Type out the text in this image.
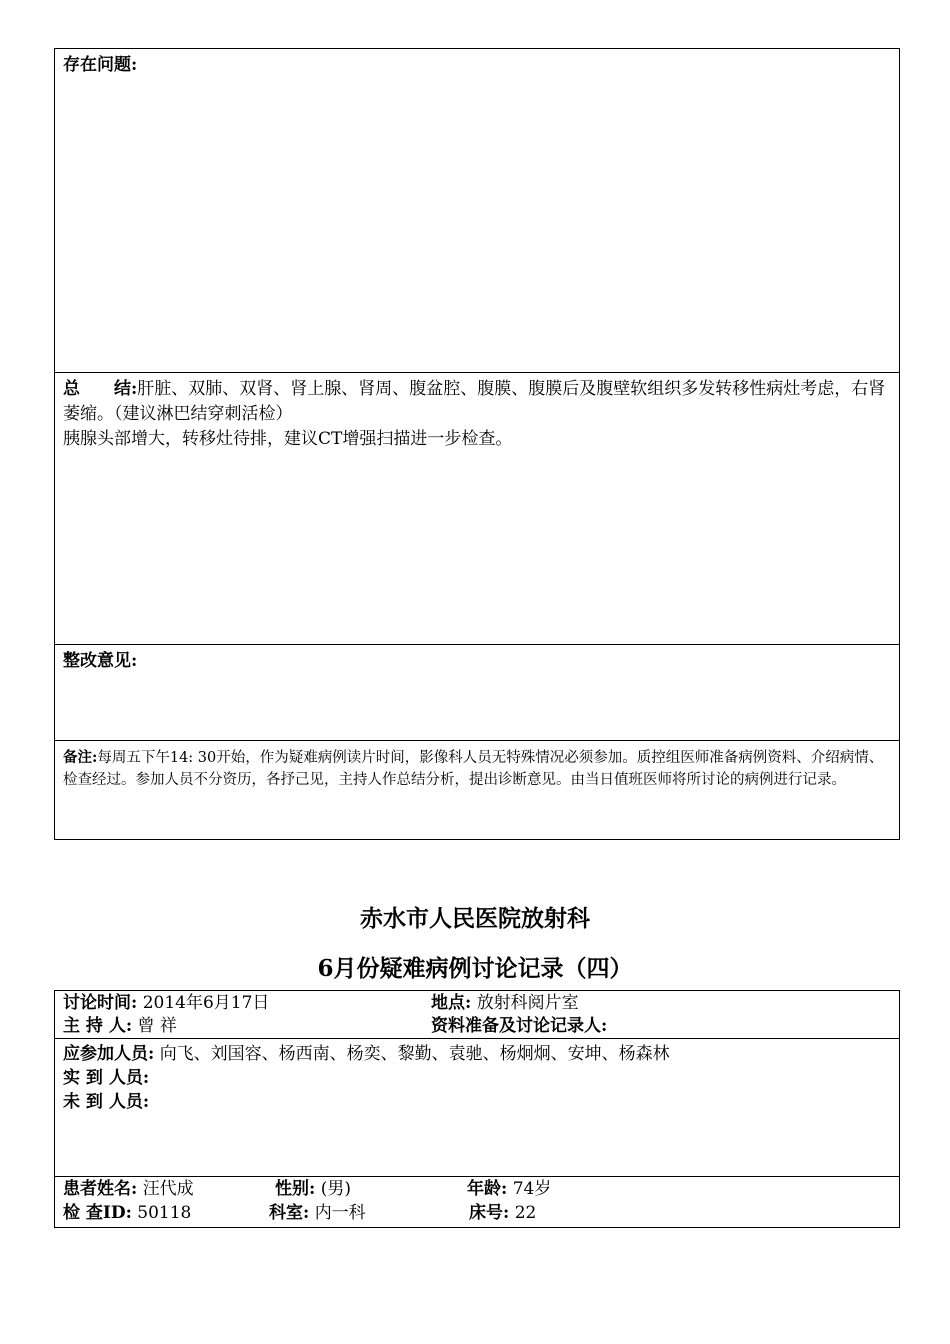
存在问题:
总　　结:肝脏、双肺、双肾、肾上腺、肾周、腹盆腔、腹膜、腹膜后及腹壁软组织多发转移性病灶考虑，右肾萎缩。（建议淋巴结穿刺活检）
胰腺头部增大，转移灶待排，建议CT增强扫描进一步检查。
整改意见:
备注:每周五下午14: 30开始，作为疑难病例读片时间，影像科人员无特殊情况必须参加。质控组医师准备病例资料、介绍病情、检查经过。参加人员不分资历，各抒己见，主持人作总结分析，提出诊断意见。由当日值班医师将所讨论的病例进行记录。
赤水市人民医院放射科
6月份疑难病例讨论记录（四）
讨论时间: 2014年6月17日	地点: 放射科阅片室
主 持 人: 曾 祥	资料准备及讨论记录人:
应参加人员: 向飞、刘国容、杨西南、杨奕、黎勤、袁驰、杨炯炯、安坤、杨森林
实 到 人员:
未 到 人员:
患者姓名: 汪代成	性别: (男)	年龄: 74岁
检 查ID: 50118	科室: 内一科	床号: 22
